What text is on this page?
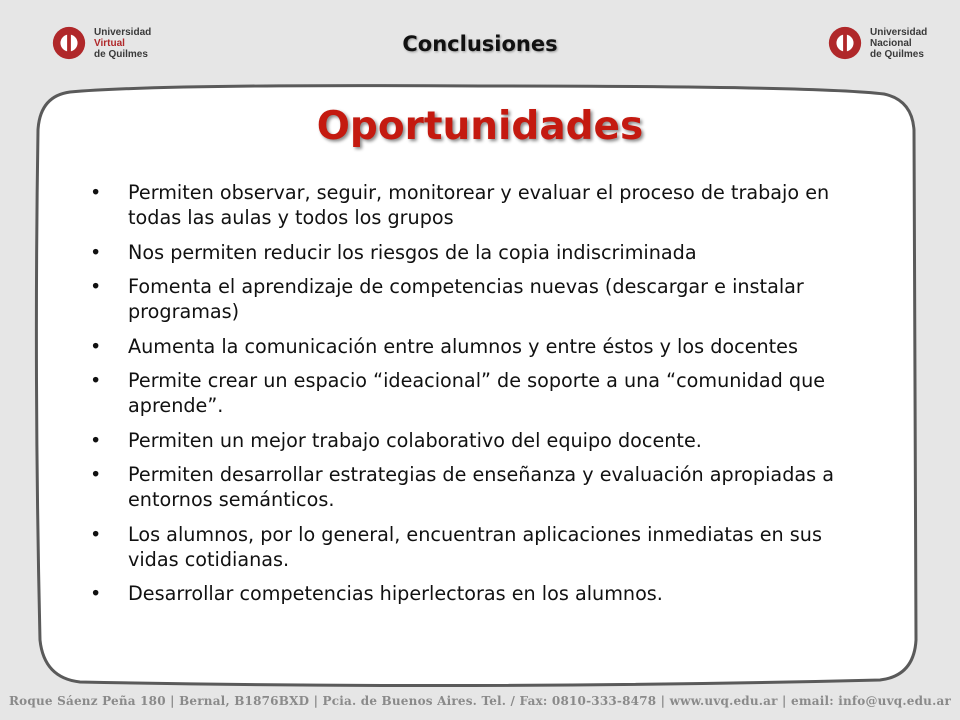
Universidad
Virtual
de Quilmes	Conclusiones	Universidad
Nacional
de Quilmes
Oportunidades
• Permiten observar, seguir, monitorear y evaluar el proceso de trabajo en todas las aulas y todos los grupos
• Nos permiten reducir los riesgos de la copia indiscriminada
• Fomenta el aprendizaje de competencias nuevas (descargar e instalar programas)
• Aumenta la comunicación entre alumnos y entre éstos y los docentes
• Permite crear un espacio “ideacional” de soporte a una “comunidad que aprende”.
• Permiten un mejor trabajo colaborativo del equipo docente.
• Permiten desarrollar estrategias de enseñanza y evaluación apropiadas a entornos semánticos.
• Los alumnos, por lo general, encuentran aplicaciones inmediatas en sus vidas cotidianas.
• Desarrollar competencias hiperlectoras en los alumnos.
Roque Sáenz Peña 180 | Bernal, B1876BXD | Pcia. de Buenos Aires. Tel. / Fax: 0810-333-8478 | www.uvq.edu.ar | email: info@uvq.edu.ar
